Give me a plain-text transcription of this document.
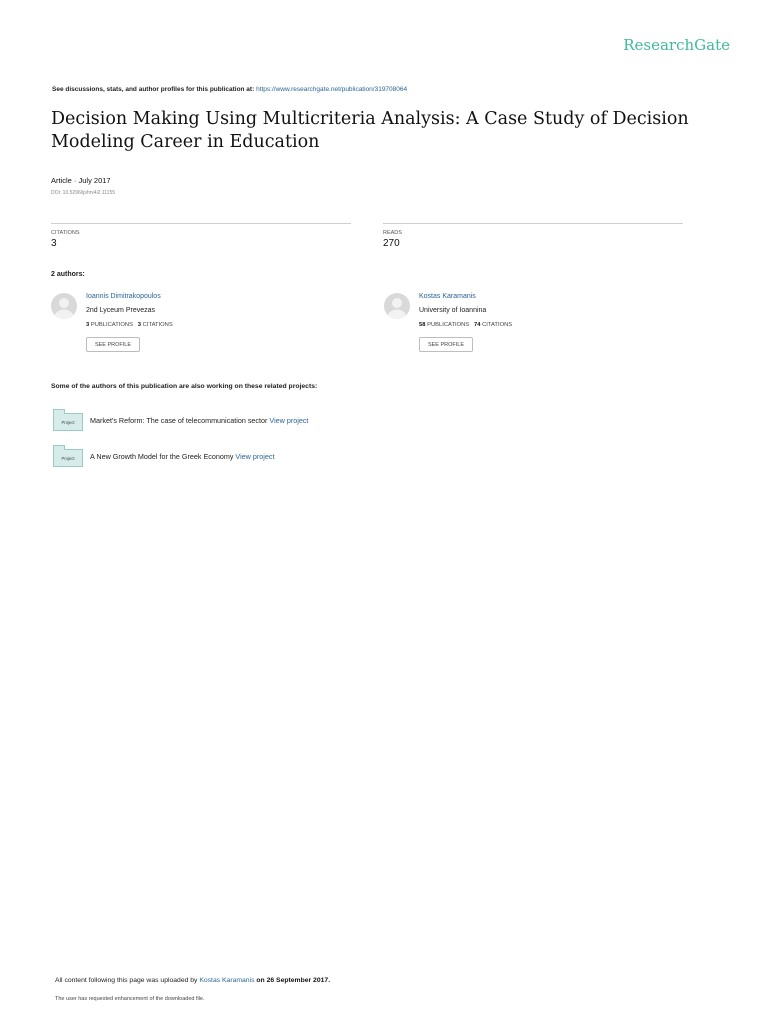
ResearchGate
See discussions, stats, and author profiles for this publication at: https://www.researchgate.net/publication/319708064
Decision Making Using Multicriteria Analysis: A Case Study of Decision Modeling Career in Education
Article · July 2017
DOI: 10.5296/ijshrv4i2.11155
CITATIONS
3
READS
270
2 authors:
Ioannis Dimitrakopoulos
2nd Lyceum Prevezas
3 PUBLICATIONS 3 CITATIONS
SEE PROFILE
Kostas Karamanis
University of Ioannina
58 PUBLICATIONS 74 CITATIONS
SEE PROFILE
Some of the authors of this publication are also working on these related projects:
Project	Market's Reform: The case of telecommunication sector View project
Project	A New Growth Model for the Greek Economy View project
All content following this page was uploaded by Kostas Karamanis on 26 September 2017.
The user has requested enhancement of the downloaded file.
